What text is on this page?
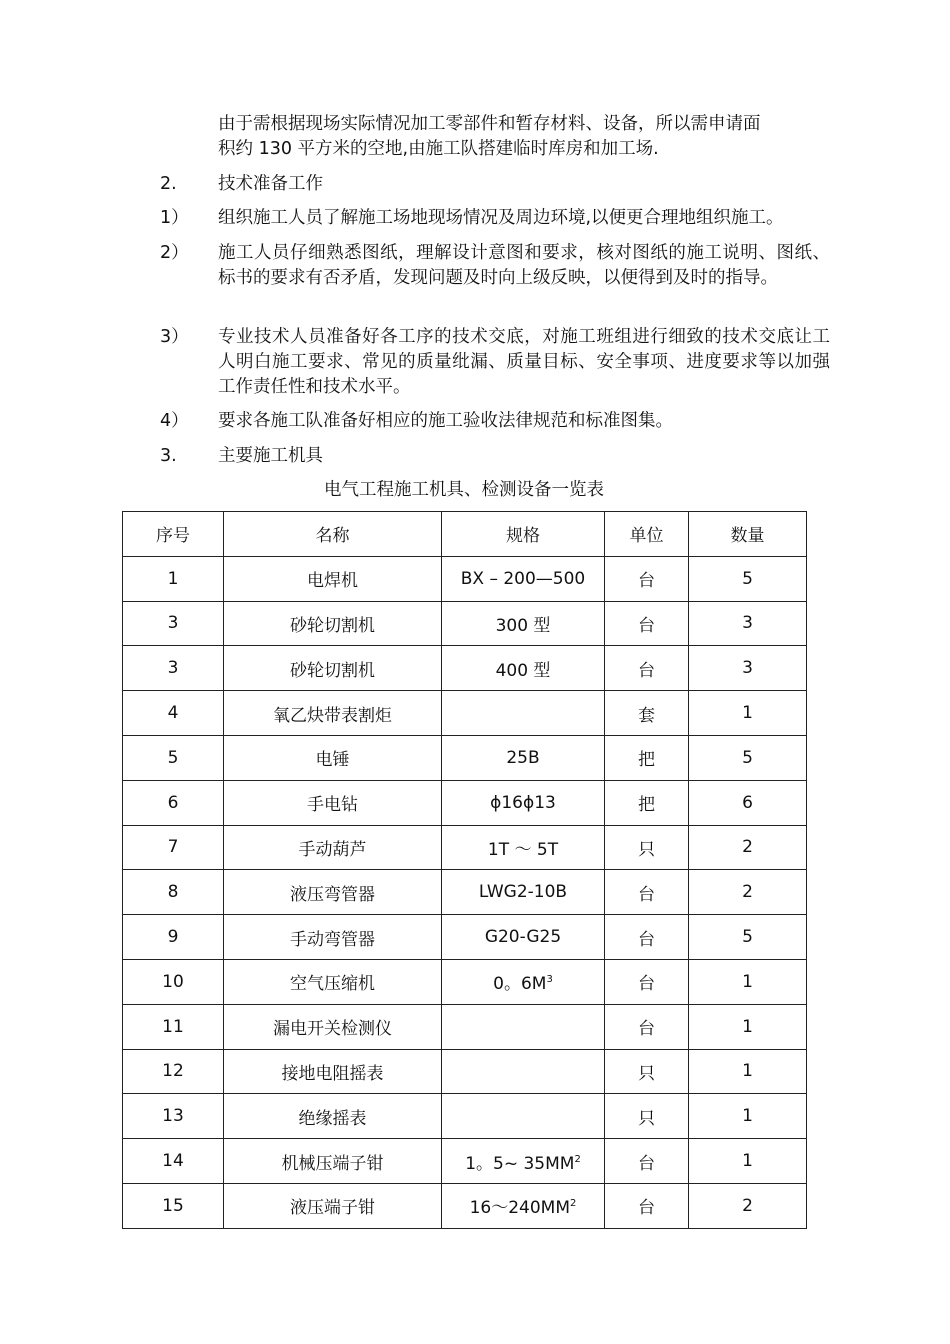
由于需根据现场实际情况加工零部件和暂存材料、设备，所以需申请面
积约 130 平方米的空地,由施工队搭建临时库房和加工场.
2.	技术准备工作
1）	组织施工人员了解施工场地现场情况及周边环境,以便更合理地组织施工。
2）	施工人员仔细熟悉图纸，理解设计意图和要求，核对图纸的施工说明、图纸、标书的要求有否矛盾，发现问题及时向上级反映，以便得到及时的指导。
3）	专业技术人员准备好各工序的技术交底，对施工班组进行细致的技术交底让工人明白施工要求、常见的质量纰漏、质量目标、安全事项、进度要求等以加强工作责任性和技术水平。
4）	要求各施工队准备好相应的施工验收法律规范和标准图集。
3.	主要施工机具
电气工程施工机具、检测设备一览表
序号	名称	规格	单位	数量
1	电焊机	BX – 200—500	台	5
3	砂轮切割机	300 型	台	3
3	砂轮切割机	400 型	台	3
4	氧乙炔带表割炬		套	1
5	电锤	25B	把	5
6	手电钻	ϕ16ϕ13	把	6
7	手动葫芦	1T ～ 5T	只	2
8	液压弯管器	LWG2-10B	台	2
9	手动弯管器	G20-G25	台	5
10	空气压缩机	0。$6M^3$	台	1
11	漏电开关检测仪		台	1
12	接地电阻摇表		只	1
13	绝缘摇表		只	1
14	机械压端子钳	1。5~ $35MM^2$	台	1
15	液压端子钳	$16\sim 240MM^2$	台	2
